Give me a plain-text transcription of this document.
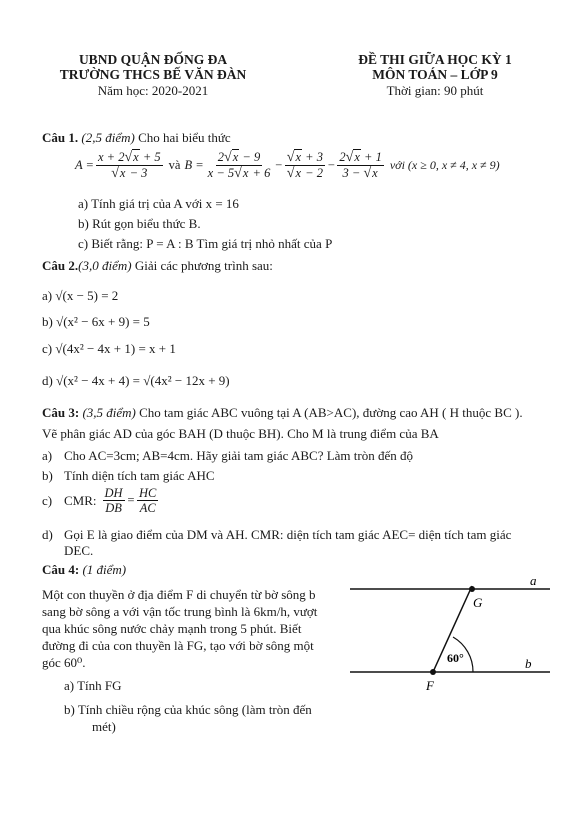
UBND QUẬN ĐỐNG ĐA
TRƯỜNG THCS BẾ VĂN ĐÀN
Năm học: 2020-2021
ĐỀ THI GIỮA HỌC KỲ 1
MÔN TOÁN – LỚP 9
Thời gian: 90 phút
Câu 1. (2,5 điểm) Cho hai biểu thức
$A = \frac{x + 2√x + 5}{√x - 3}$ và $B = \frac{2√x - 9}{x - 5√x + 6} - \frac{√x + 3}{√x - 2} - \frac{2√x + 1}{3 - √x}$ với (x ≥ 0, x ≠ 4, x ≠ 9)
a) Tính giá trị của A với x = 16
b) Rút gọn biểu thức B.
c) Biết rằng: P = A : B Tìm giá trị nhỏ nhất của P
Câu 2.(3,0 điểm) Giải các phương trình sau:
a) √(x − 5) = 2
b) √(x² − 6x + 9) = 5
c) √(4x² − 4x + 1) = x + 1
d) √(x² − 4x + 4) = √(4x² − 12x + 9)
Câu 3: (3,5 điểm) Cho tam giác ABC vuông tại A (AB>AC), đường cao AH ( H thuộc BC ).
Vẽ phân giác AD của góc BAH (D thuộc BH). Cho M là trung điểm của BA
a) Cho AC=3cm; AB=4cm. Hãy giải tam giác ABC? Làm tròn đến độ
b) Tính diện tích tam giác AHC
c) CMR: $\frac{DH}{DB} = \frac{HC}{AC}$
d) Gọi E là giao điểm của DM và AH. CMR: diện tích tam giác AEC= diện tích tam giác
DEC.
Câu 4: (1 điểm)
Một con thuyền ở địa điểm F di chuyển từ bờ sông b
sang bờ sông a với vận tốc trung bình là 6km/h, vượt
qua khúc sông nước chảy mạnh trong 5 phút. Biết
đường đi của con thuyền là FG, tạo với bờ sông một
góc 60⁰.
a) Tính FG
b) Tính chiều rộng của khúc sông (làm tròn đến
mét)
a
b
G
F
60°
